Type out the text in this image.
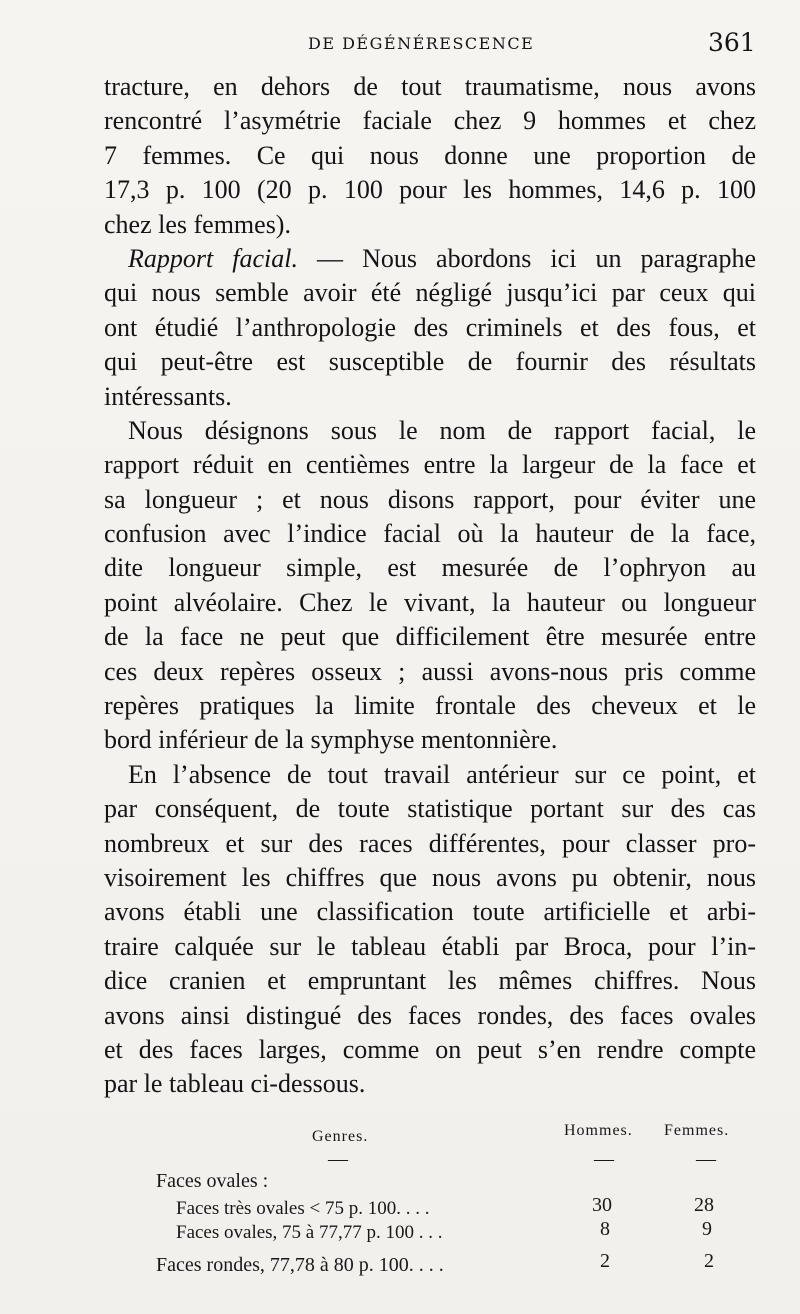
DE DÉGÉNÉRESCENCE	361
tracture, en dehors de tout traumatisme, nous avons
rencontré l’asymétrie faciale chez 9 hommes et chez
7 femmes. Ce qui nous donne une proportion de
17,3 p. 100 (20 p. 100 pour les hommes, 14,6 p. 100
chez les femmes).
Rapport facial. — Nous abordons ici un paragraphe
qui nous semble avoir été négligé jusqu’ici par ceux qui
ont étudié l’anthropologie des criminels et des fous, et
qui peut-être est susceptible de fournir des résultats
intéressants.
Nous désignons sous le nom de rapport facial, le
rapport réduit en centièmes entre la largeur de la face et
sa longueur ; et nous disons rapport, pour éviter une
confusion avec l’indice facial où la hauteur de la face,
dite longueur simple, est mesurée de l’ophryon au
point alvéolaire. Chez le vivant, la hauteur ou longueur
de la face ne peut que difficilement être mesurée entre
ces deux repères osseux ; aussi avons-nous pris comme
repères pratiques la limite frontale des cheveux et le
bord inférieur de la symphyse mentonnière.
En l’absence de tout travail antérieur sur ce point, et
par conséquent, de toute statistique portant sur des cas
nombreux et sur des races différentes, pour classer pro-
visoirement les chiffres que nous avons pu obtenir, nous
avons établi une classification toute artificielle et arbi-
traire calquée sur le tableau établi par Broca, pour l’in-
dice cranien et empruntant les mêmes chiffres. Nous
avons ainsi distingué des faces rondes, des faces ovales
et des faces larges, comme on peut s’en rendre compte
par le tableau ci-dessous.
Genres.	Hommes. Femmes.
—	—	—
Faces ovales :
Faces très ovales < 75 p. 100. . . .	30	28
Faces ovales, 75 à 77,77 p. 100 . . .	8	9
Faces rondes, 77,78 à 80 p. 100. . . .	2	2
